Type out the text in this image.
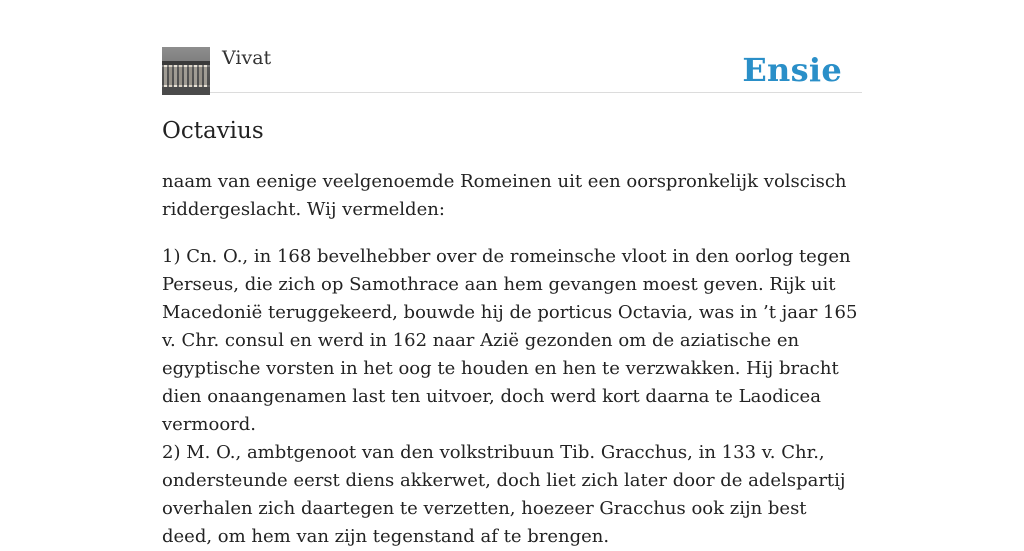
Vivat	Ensie
Octavius

naam van eenige veelgenoemde Romeinen uit een oorspronkelijk volscisch riddergeslacht. Wij vermelden:

1) Cn. O., in 168 bevelhebber over de romeinsche vloot in den oorlog tegen Perseus, die zich op Samothrace aan hem gevangen moest geven. Rijk uit Macedonië teruggekeerd, bouwde hij de porticus Octavia, was in ’t jaar 165 v. Chr. consul en werd in 162 naar Azië gezonden om de aziatische en egyptische vorsten in het oog te houden en hen te verzwakken. Hij bracht dien onaangenamen last ten uitvoer, doch werd kort daarna te Laodicea vermoord.

2) M. O., ambtgenoot van den volkstribuun Tib. Gracchus, in 133 v. Chr., ondersteunde eerst diens akkerwet, doch liet zich later door de adelspartij overhalen zich daartegen te verzetten, hoezeer Gracchus ook zijn best deed, om hem van zijn tegenstand af te brengen.
